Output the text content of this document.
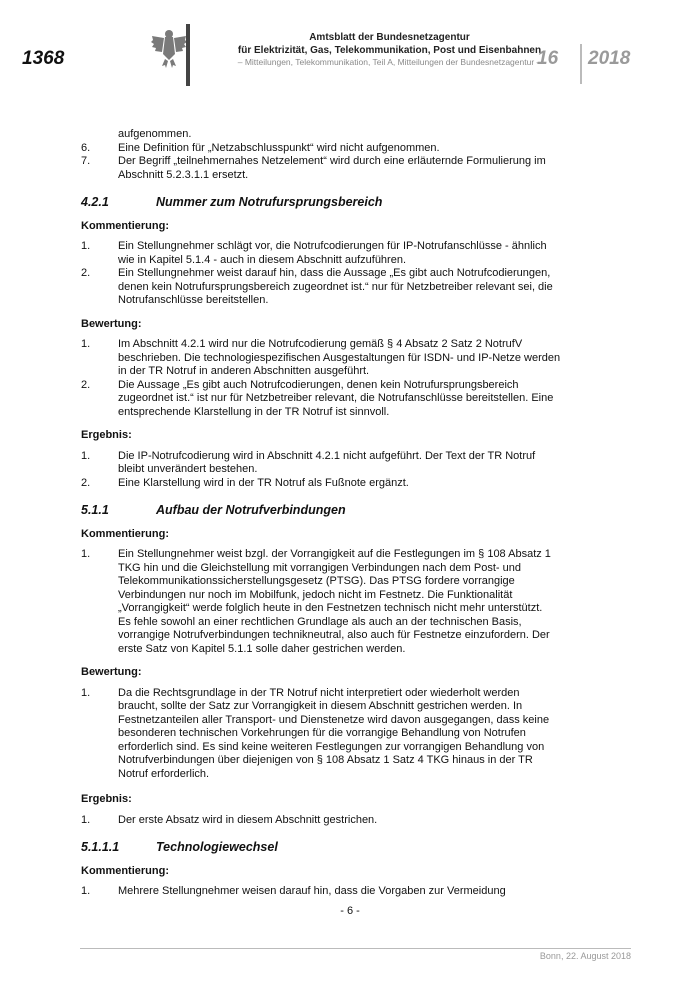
1368
Amtsblatt der Bundesnetzagentur
für Elektrizität, Gas, Telekommunikation, Post und Eisenbahnen
– Mitteilungen, Telekommunikation, Teil A, Mitteilungen der Bundesnetzagentur –
16 2018
aufgenommen.
6.	Eine Definition für „Netzabschlusspunkt“ wird nicht aufgenommen.
7.	Der Begriff „teilnehmernahes Netzelement“ wird durch eine erläuternde Formulierung im Abschnitt 5.2.3.1.1 ersetzt.
4.2.1	Nummer zum Notrufursprungsbereich
Kommentierung:
1.	Ein Stellungnehmer schlägt vor, die Notrufcodierungen für IP-Notrufanschlüsse - ähnlich wie in Kapitel 5.1.4 - auch in diesem Abschnitt aufzuführen.
2.	Ein Stellungnehmer weist darauf hin, dass die Aussage „Es gibt auch Notrufcodierungen, denen kein Notrufursprungsbereich zugeordnet ist.“ nur für Netzbetreiber relevant sei, die Notrufanschlüsse bereitstellen.
Bewertung:
1.	Im Abschnitt 4.2.1 wird nur die Notrufcodierung gemäß § 4 Absatz 2 Satz 2 NotrufV beschrieben. Die technologiespezifischen Ausgestaltungen für ISDN- und IP-Netze werden in der TR Notruf in anderen Abschnitten ausgeführt.
2.	Die Aussage „Es gibt auch Notrufcodierungen, denen kein Notrufursprungsbereich zugeordnet ist.“ ist nur für Netzbetreiber relevant, die Notrufanschlüsse bereitstellen. Eine entsprechende Klarstellung in der TR Notruf ist sinnvoll.
Ergebnis:
1.	Die IP-Notrufcodierung wird in Abschnitt 4.2.1 nicht aufgeführt. Der Text der TR Notruf bleibt unverändert bestehen.
2.	Eine Klarstellung wird in der TR Notruf als Fußnote ergänzt.
5.1.1	Aufbau der Notrufverbindungen
Kommentierung:
1.	Ein Stellungnehmer weist bzgl. der Vorrangigkeit auf die Festlegungen im § 108 Absatz 1 TKG hin und die Gleichstellung mit vorrangigen Verbindungen nach dem Post- und Telekommunikationssicherstellungsgesetz (PTSG). Das PTSG fordere vorrangige Verbindungen nur noch im Mobilfunk, jedoch nicht im Festnetz. Die Funktionalität „Vorrangigkeit“ werde folglich heute in den Festnetzen technisch nicht mehr unterstützt.
Es fehle sowohl an einer rechtlichen Grundlage als auch an der technischen Basis, vorrangige Notrufverbindungen technikneutral, also auch für Festnetze einzufordern. Der erste Satz von Kapitel 5.1.1 solle daher gestrichen werden.
Bewertung:
1.	Da die Rechtsgrundlage in der TR Notruf nicht interpretiert oder wiederholt werden braucht, sollte der Satz zur Vorrangigkeit in diesem Abschnitt gestrichen werden. In Festnetzanteilen aller Transport- und Dienstenetze wird davon ausgegangen, dass keine besonderen technischen Vorkehrungen für die vorrangige Behandlung von Notrufen erforderlich sind. Es sind keine weiteren Festlegungen zur vorrangigen Behandlung von Notrufverbindungen über diejenigen von § 108 Absatz 1 Satz 4 TKG hinaus in der TR Notruf erforderlich.
Ergebnis:
1.	Der erste Absatz wird in diesem Abschnitt gestrichen.
5.1.1.1	Technologiewechsel
Kommentierung:
1.	Mehrere Stellungnehmer weisen darauf hin, dass die Vorgaben zur Vermeidung
- 6 -
Bonn, 22. August 2018
